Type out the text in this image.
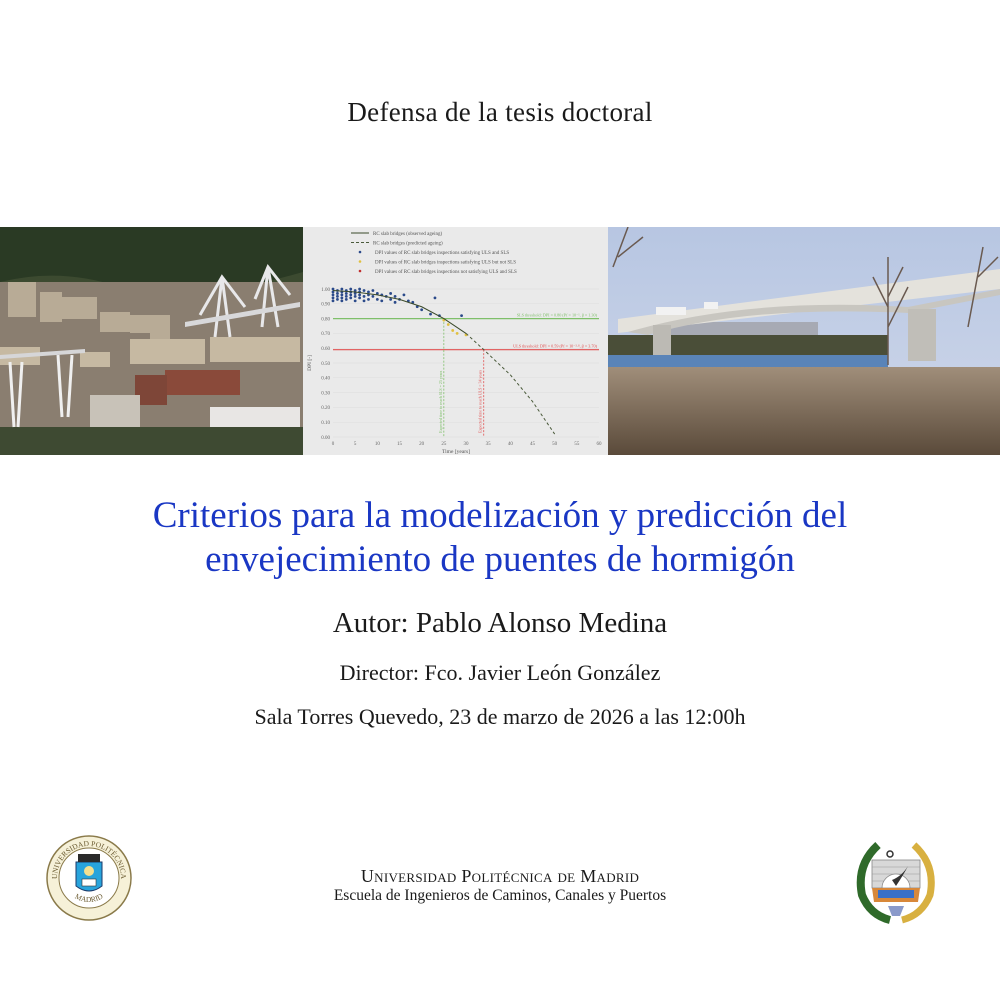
Defensa de la tesis doctoral
RC slab bridges (observed ageing)
RC slab bridges (predicted ageing)
DPI values of RC slab bridges inspections satisfying ULS and SLS
DPI values of RC slab bridges inspections satisfying ULS but not SLS
DPI values of RC slab bridges inspections not satisfying ULS and SLS
0.00
0.10
0.20
0.30
0.40
0.50
0.60
0.70
0.80
0.90
1.00
0	5	10	15	20	25	30	35	40	45	50	55	60
Time [years]
DPI [-]
SLS threshold: DPI = 0.80 (Pf = 10⁻¹, β = 1.30)
ULS threshold: DPI = 0.59 (Pf = 10⁻³·⁸, β = 3.70)
Expected time to reach SLS = 25 years	Expected time to reach ULS = 34 years
Criterios para la modelización y predicción del
envejecimiento de puentes de hormigón
Autor: Pablo Alonso Medina
Director: Fco. Javier León González
Sala Torres Quevedo, 23 de marzo de 2026 a las 12:00h
UNIVERSIDAD POLITÉCNICA
MADRID
Universidad Politécnica de Madrid
Escuela de Ingenieros de Caminos, Canales y Puertos
